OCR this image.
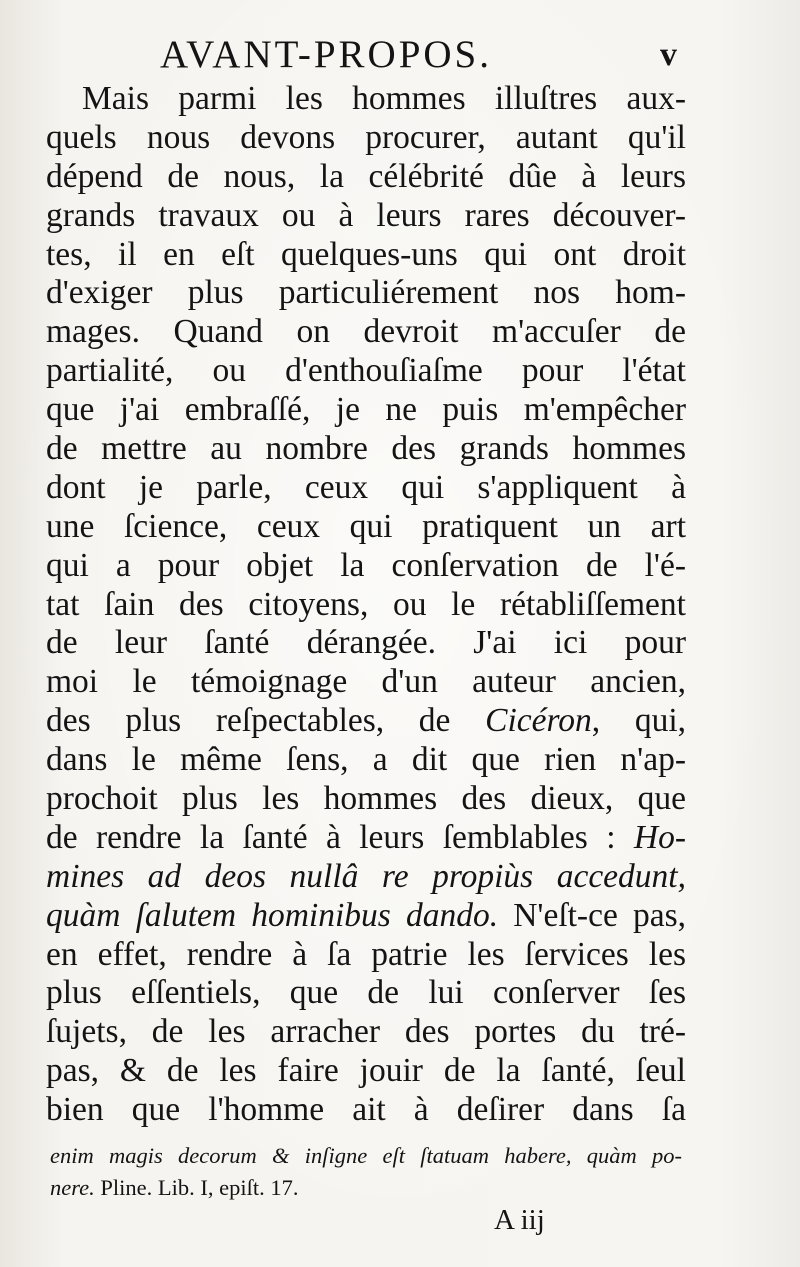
AVANT-PROPOS.	v
Mais parmi les hommes illuſtres aux-
quels nous devons procurer, autant qu'il
dépend de nous, la célébrité dûe à leurs
grands travaux ou à leurs rares découver-
tes, il en eſt quelques-uns qui ont droit
d'exiger plus particuliérement nos hom-
mages. Quand on devroit m'accuſer de
partialité, ou d'enthouſiaſme pour l'état
que j'ai embraſſé, je ne puis m'empêcher
de mettre au nombre des grands hommes
dont je parle, ceux qui s'appliquent à
une ſcience, ceux qui pratiquent un art
qui a pour objet la conſervation de l'é-
tat ſain des citoyens, ou le rétabliſſement
de leur ſanté dérangée. J'ai ici pour
moi le témoignage d'un auteur ancien,
des plus reſpectables, de Cicéron, qui,
dans le même ſens, a dit que rien n'ap-
prochoit plus les hommes des dieux, que
de rendre la ſanté à leurs ſemblables : Ho-
mines ad deos nullâ re propiùs accedunt,
quàm ſalutem hominibus dando. N'eſt-ce pas,
en effet, rendre à ſa patrie les ſervices les
plus eſſentiels, que de lui conſerver ſes
ſujets, de les arracher des portes du tré-
pas, & de les faire jouir de la ſanté, ſeul
bien que l'homme ait à deſirer dans ſa
enim magis decorum & inſigne eſt ſtatuam habere, quàm po-
nere. Pline. Lib. I, epiſt. 17.
A iij
